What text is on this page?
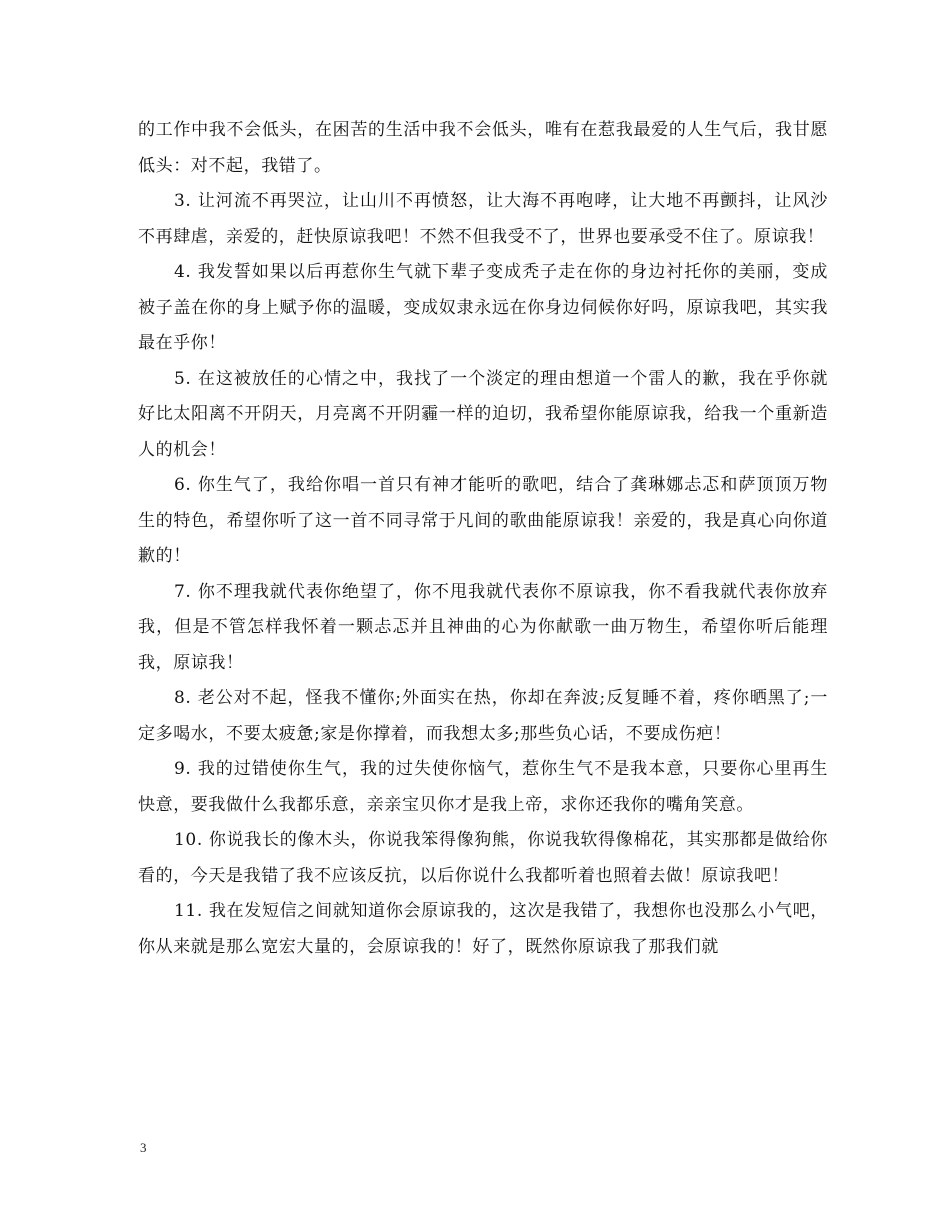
的工作中我不会低头，在困苦的生活中我不会低头，唯有在惹我最爱的人生气后，我甘愿低头：对不起，我错了。

3. 让河流不再哭泣，让山川不再愤怒，让大海不再咆哮，让大地不再颤抖，让风沙不再肆虐，亲爱的，赶快原谅我吧！不然不但我受不了，世界也要承受不住了。原谅我！

4. 我发誓如果以后再惹你生气就下辈子变成秃子走在你的身边衬托你的美丽，变成被子盖在你的身上赋予你的温暖，变成奴隶永远在你身边伺候你好吗，原谅我吧，其实我最在乎你！

5. 在这被放任的心情之中，我找了一个淡定的理由想道一个雷人的歉，我在乎你就好比太阳离不开阴天，月亮离不开阴霾一样的迫切，我希望你能原谅我，给我一个重新造人的机会！

6. 你生气了，我给你唱一首只有神才能听的歌吧，结合了龚琳娜忐忑和萨顶顶万物生的特色，希望你听了这一首不同寻常于凡间的歌曲能原谅我！亲爱的，我是真心向你道歉的！

7. 你不理我就代表你绝望了，你不甩我就代表你不原谅我，你不看我就代表你放弃我，但是不管怎样我怀着一颗忐忑并且神曲的心为你献歌一曲万物生，希望你听后能理我，原谅我！

8. 老公对不起，怪我不懂你;外面实在热，你却在奔波;反复睡不着，疼你晒黑了;一定多喝水，不要太疲惫;家是你撑着，而我想太多;那些负心话，不要成伤疤！

9. 我的过错使你生气，我的过失使你恼气，惹你生气不是我本意，只要你心里再生快意，要我做什么我都乐意，亲亲宝贝你才是我上帝，求你还我你的嘴角笑意。

10. 你说我长的像木头，你说我笨得像狗熊，你说我软得像棉花，其实那都是做给你看的，今天是我错了我不应该反抗，以后你说什么我都听着也照着去做！原谅我吧！

11. 我在发短信之间就知道你会原谅我的，这次是我错了，我想你也没那么小气吧，你从来就是那么宽宏大量的，会原谅我的！好了，既然你原谅我了那我们就

3
